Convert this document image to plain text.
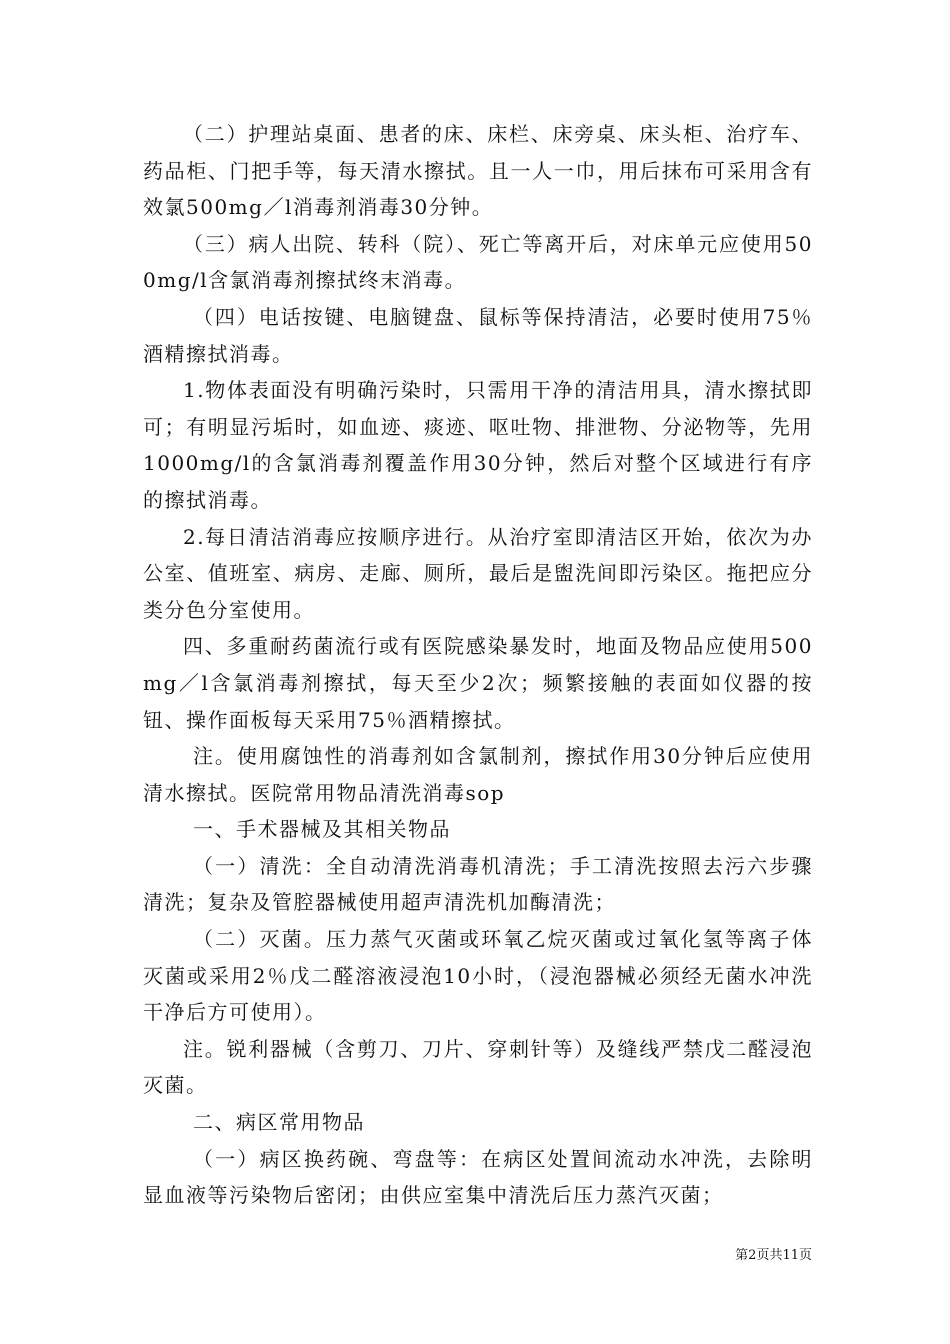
（二）护理站桌面、患者的床、床栏、床旁桌、床头柜、治疗车、药品柜、门把手等，每天清水擦拭。且一人一巾，用后抹布可采用含有效氯500mg／l消毒剂消毒30分钟。

（三）病人出院、转科（院）、死亡等离开后，对床单元应使用500mg/l含氯消毒剂擦拭终末消毒。

（四）电话按键、电脑键盘、鼠标等保持清洁，必要时使用75％酒精擦拭消毒。

1.物体表面没有明确污染时，只需用干净的清洁用具，清水擦拭即可；有明显污垢时，如血迹、痰迹、呕吐物、排泄物、分泌物等，先用1000mg/l的含氯消毒剂覆盖作用30分钟，然后对整个区域进行有序的擦拭消毒。

2.每日清洁消毒应按顺序进行。从治疗室即清洁区开始，依次为办公室、值班室、病房、走廊、厕所，最后是盥洗间即污染区。拖把应分类分色分室使用。

四、多重耐药菌流行或有医院感染暴发时，地面及物品应使用500mg／l含氯消毒剂擦拭，每天至少2次；频繁接触的表面如仪器的按钮、操作面板每天采用75％酒精擦拭。

注。使用腐蚀性的消毒剂如含氯制剂，擦拭作用30分钟后应使用清水擦拭。医院常用物品清洗消毒sop

一、手术器械及其相关物品

（一）清洗：全自动清洗消毒机清洗；手工清洗按照去污六步骤清洗；复杂及管腔器械使用超声清洗机加酶清洗；

（二）灭菌。压力蒸气灭菌或环氧乙烷灭菌或过氧化氢等离子体灭菌或采用2％戊二醛溶液浸泡10小时，（浸泡器械必须经无菌水冲洗干净后方可使用）。

注。锐利器械（含剪刀、刀片、穿刺针等）及缝线严禁戊二醛浸泡灭菌。

二、病区常用物品

（一）病区换药碗、弯盘等：在病区处置间流动水冲洗，去除明显血液等污染物后密闭；由供应室集中清洗后压力蒸汽灭菌；

第2页共11页
